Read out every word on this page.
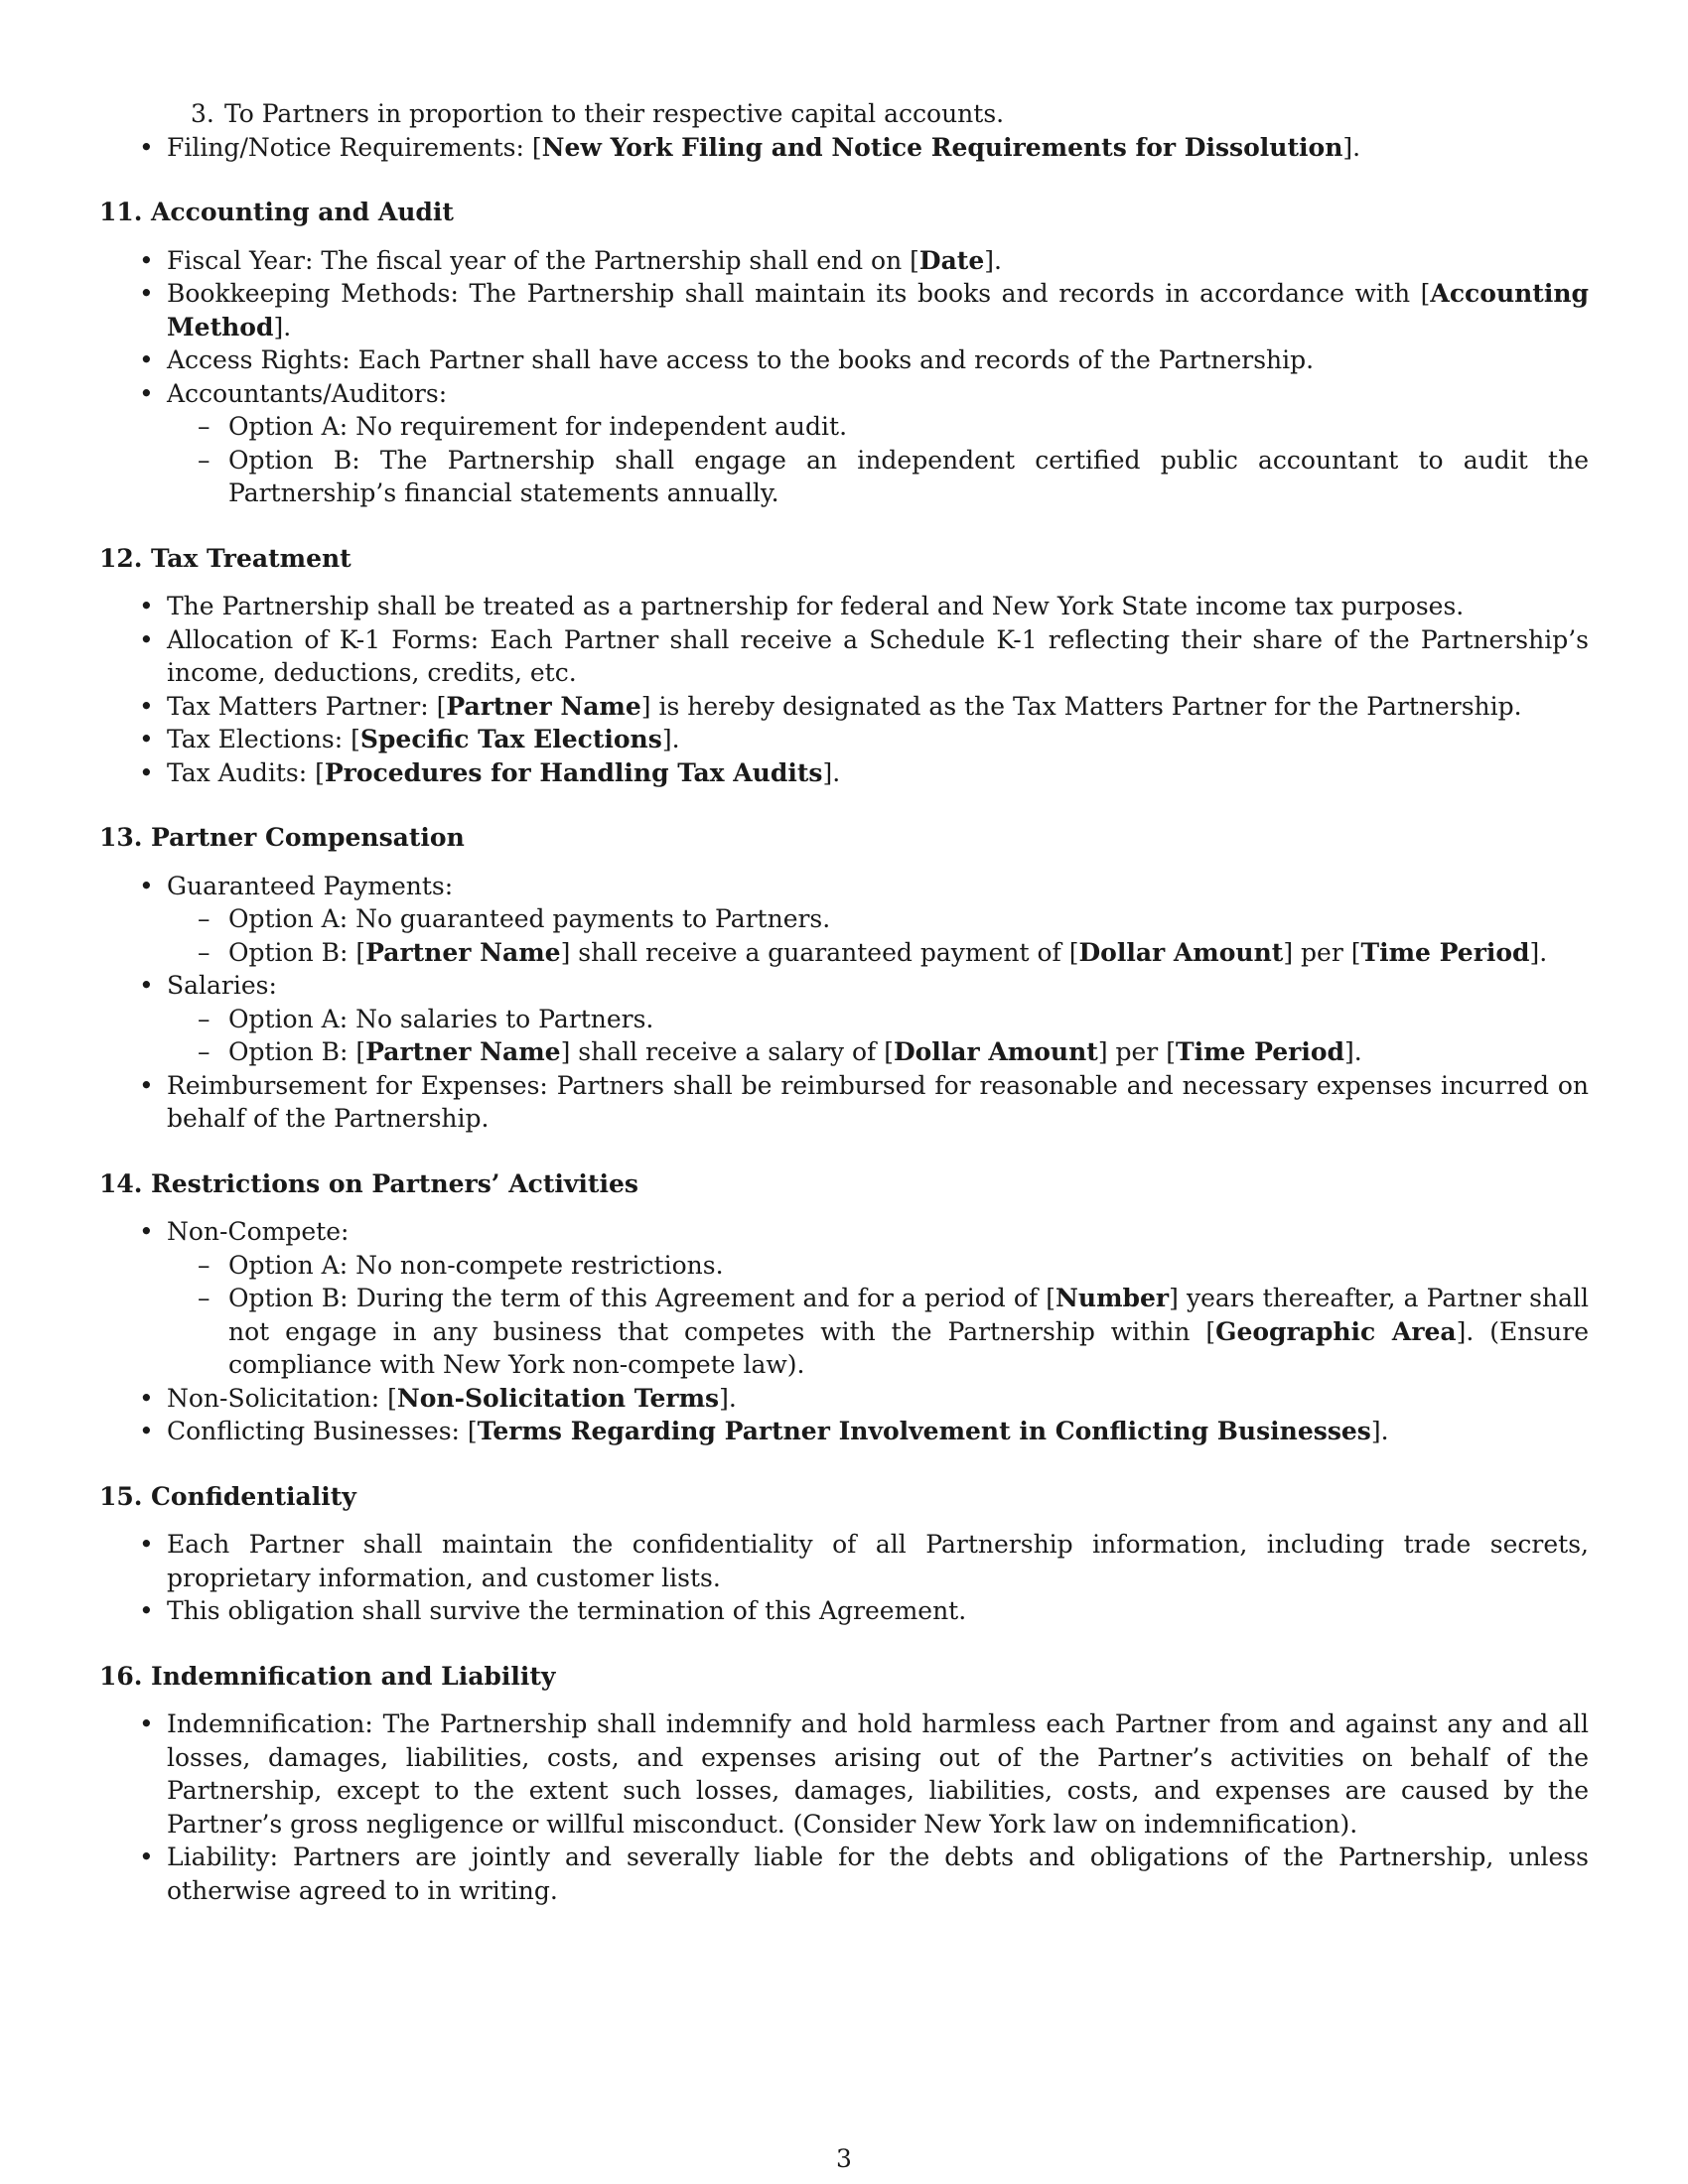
3. To Partners in proportion to their respective capital accounts.
• Filing/Notice Requirements: [New York Filing and Notice Requirements for Dissolution].
11. Accounting and Audit
• Fiscal Year: The fiscal year of the Partnership shall end on [Date].
• Bookkeeping Methods: The Partnership shall maintain its books and records in accordance with [Accounting Method].
• Access Rights: Each Partner shall have access to the books and records of the Partnership.
• Accountants/Auditors:
– Option A: No requirement for independent audit.
– Option B: The Partnership shall engage an independent certified public accountant to audit the Partnership’s financial statements annually.
12. Tax Treatment
• The Partnership shall be treated as a partnership for federal and New York State income tax purposes.
• Allocation of K-1 Forms: Each Partner shall receive a Schedule K-1 reflecting their share of the Partnership’s income, deductions, credits, etc.
• Tax Matters Partner: [Partner Name] is hereby designated as the Tax Matters Partner for the Partnership.
• Tax Elections: [Specific Tax Elections].
• Tax Audits: [Procedures for Handling Tax Audits].
13. Partner Compensation
• Guaranteed Payments:
– Option A: No guaranteed payments to Partners.
– Option B: [Partner Name] shall receive a guaranteed payment of [Dollar Amount] per [Time Period].
• Salaries:
– Option A: No salaries to Partners.
– Option B: [Partner Name] shall receive a salary of [Dollar Amount] per [Time Period].
• Reimbursement for Expenses: Partners shall be reimbursed for reasonable and necessary expenses incurred on behalf of the Partnership.
14. Restrictions on Partners’ Activities
• Non-Compete:
– Option A: No non-compete restrictions.
– Option B: During the term of this Agreement and for a period of [Number] years thereafter, a Partner shall not engage in any business that competes with the Partnership within [Geographic Area]. (Ensure compliance with New York non-compete law).
• Non-Solicitation: [Non-Solicitation Terms].
• Conflicting Businesses: [Terms Regarding Partner Involvement in Conflicting Businesses].
15. Confidentiality
• Each Partner shall maintain the confidentiality of all Partnership information, including trade secrets, proprietary information, and customer lists.
• This obligation shall survive the termination of this Agreement.
16. Indemnification and Liability
• Indemnification: The Partnership shall indemnify and hold harmless each Partner from and against any and all losses, damages, liabilities, costs, and expenses arising out of the Partner’s activities on behalf of the Partnership, except to the extent such losses, damages, liabilities, costs, and expenses are caused by the Partner’s gross negligence or willful misconduct. (Consider New York law on indemnification).
• Liability: Partners are jointly and severally liable for the debts and obligations of the Partnership, unless otherwise agreed to in writing.
3
